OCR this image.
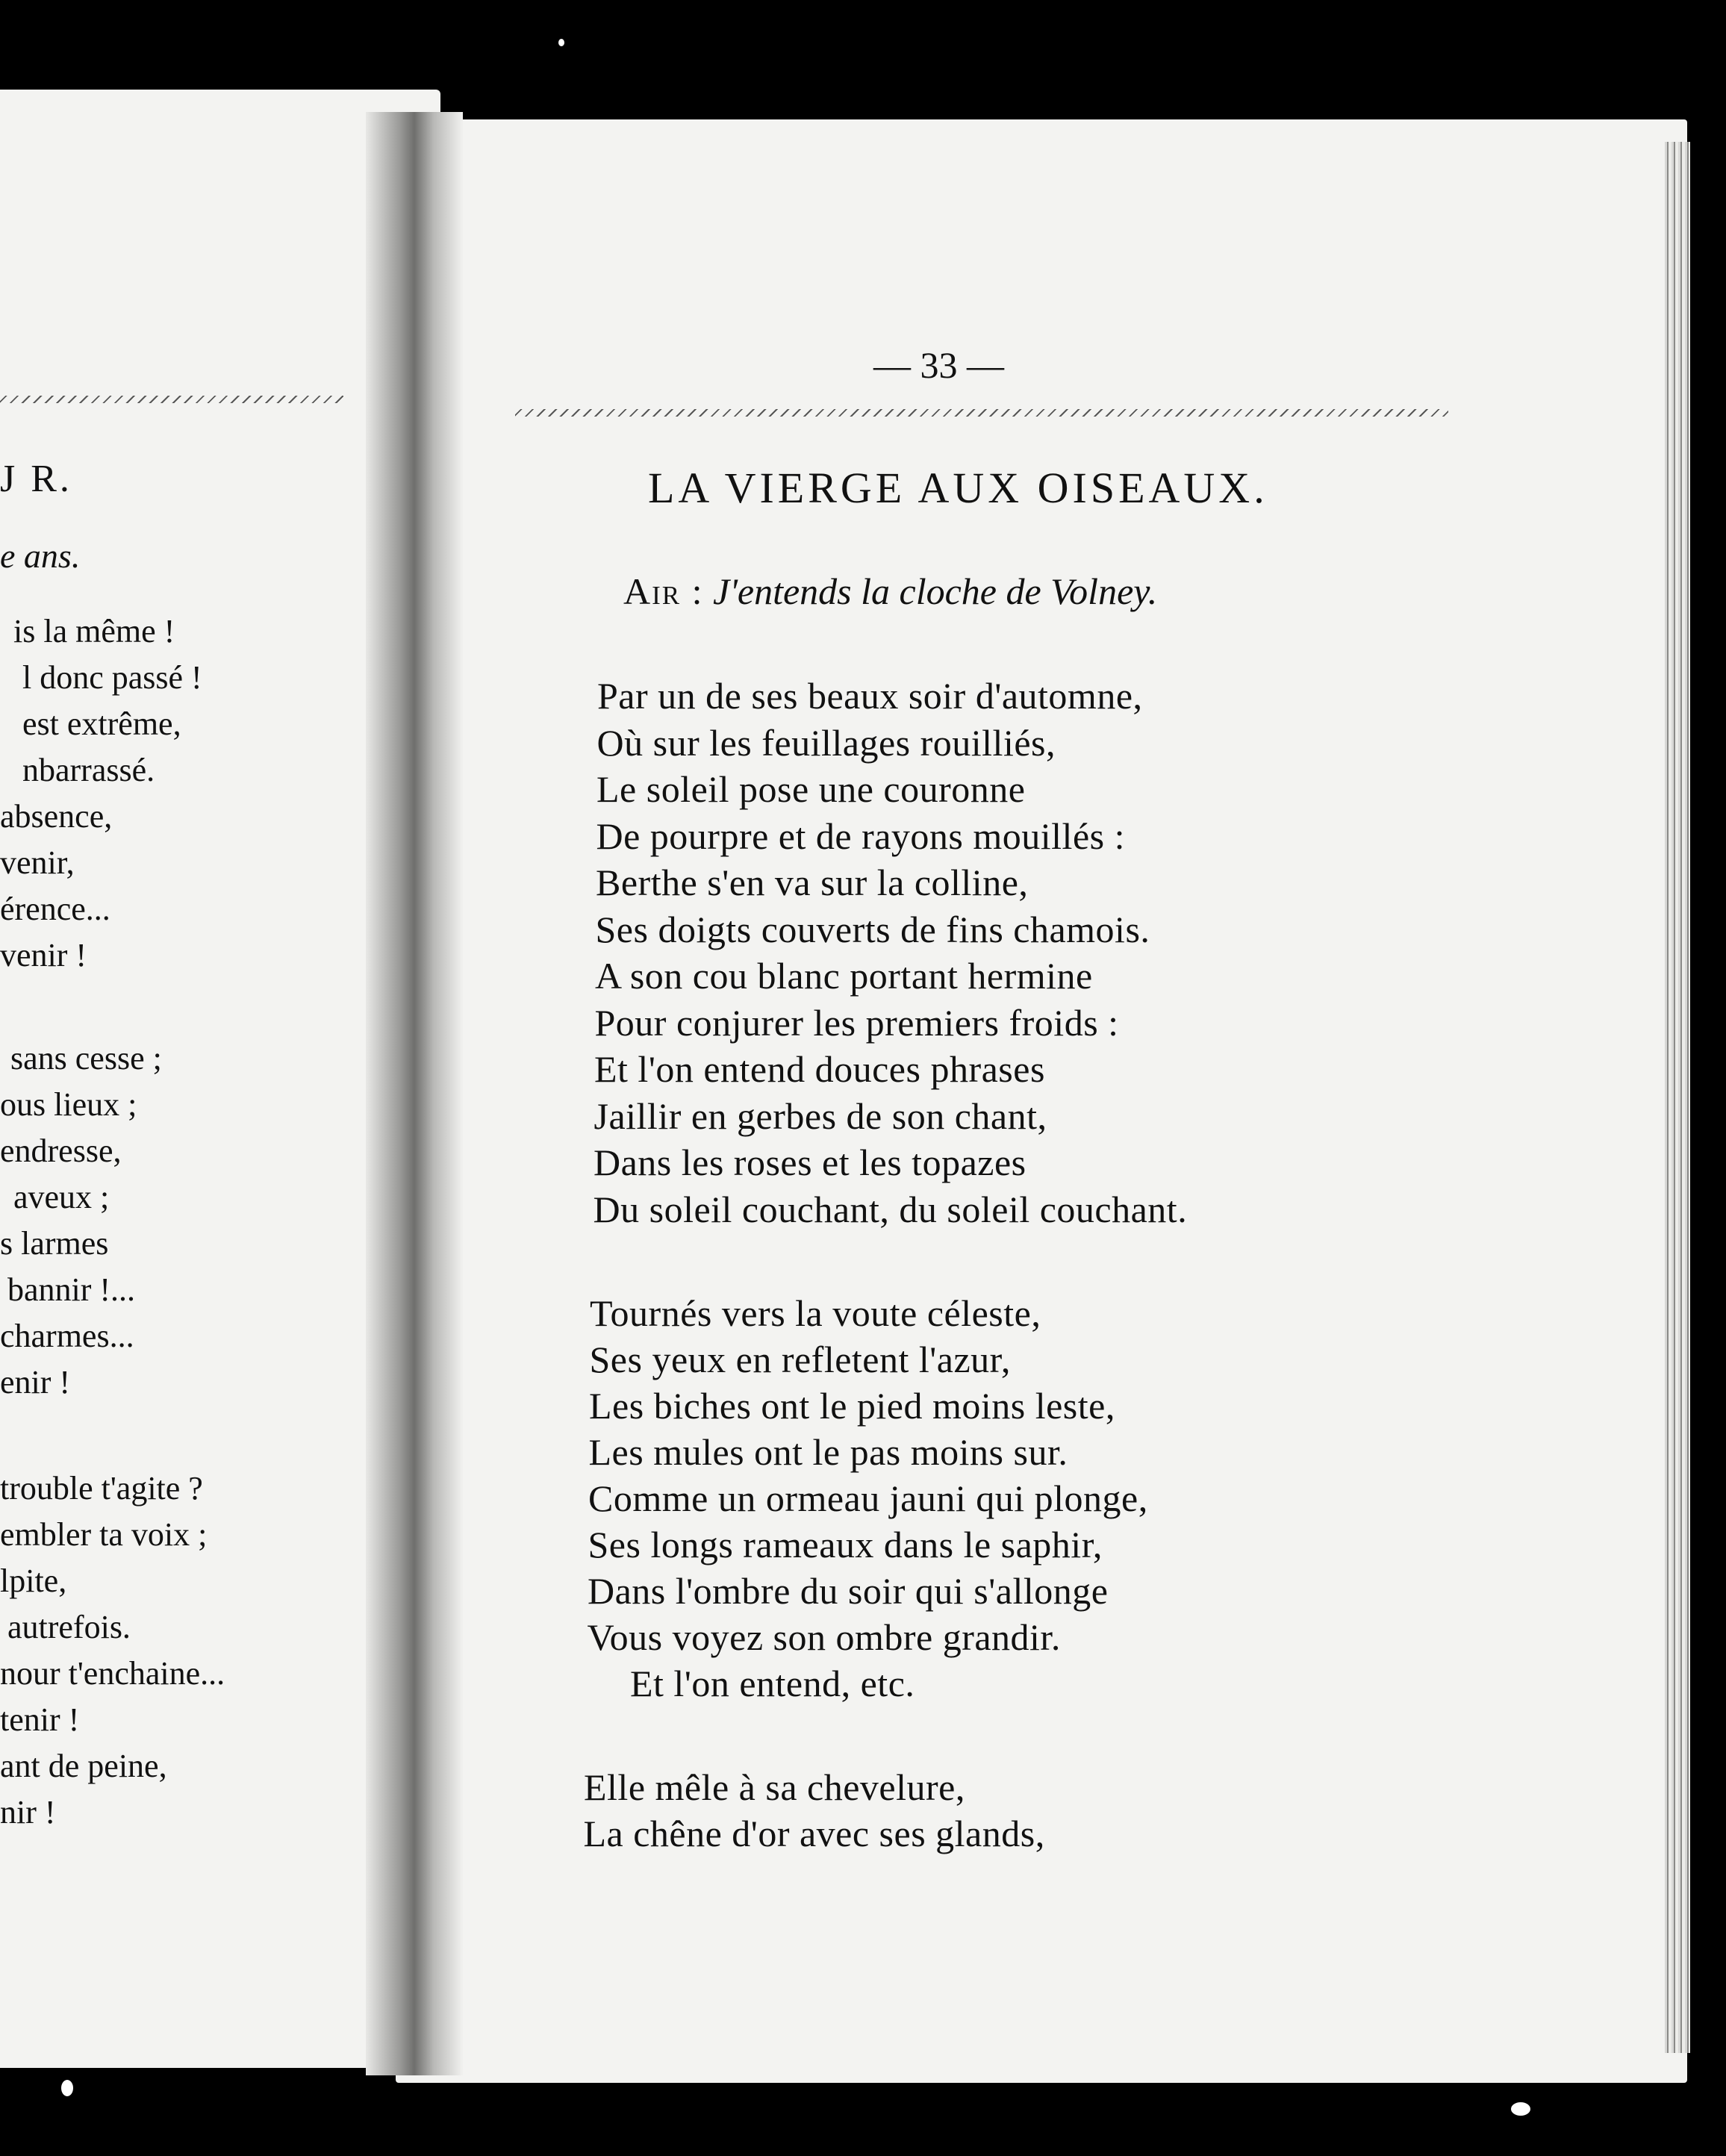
J R.
e ans.
is la même !
l donc passé !
est extrême,
nbarrassé.
absence,
venir,
érence...
venir !
sans cesse ;
ous lieux ;
endresse,
aveux ;
s larmes
bannir !...
charmes...
enir !
trouble t'agite ?
embler ta voix ;
lpite,
autrefois.
nour t'enchaine...
tenir !
ant de peine,
nir !
— 33 —
LA VIERGE AUX OISEAUX.
Air : J'entends la cloche de Volney.
Par un de ses beaux soir d'automne,
Où sur les feuillages rouilliés,
Le soleil pose une couronne
De pourpre et de rayons mouillés :
Berthe s'en va sur la colline,
Ses doigts couverts de fins chamois.
A son cou blanc portant hermine
Pour conjurer les premiers froids :
Et l'on entend douces phrases
Jaillir en gerbes de son chant,
Dans les roses et les topazes
Du soleil couchant, du soleil couchant.
Tournés vers la voute céleste,
Ses yeux en refletent l'azur,
Les biches ont le pied moins leste,
Les mules ont le pas moins sur.
Comme un ormeau jauni qui plonge,
Ses longs rameaux dans le saphir,
Dans l'ombre du soir qui s'allonge
Vous voyez son ombre grandir.
Et l'on entend, etc.
Elle mêle à sa chevelure,
La chêne d'or avec ses glands,
